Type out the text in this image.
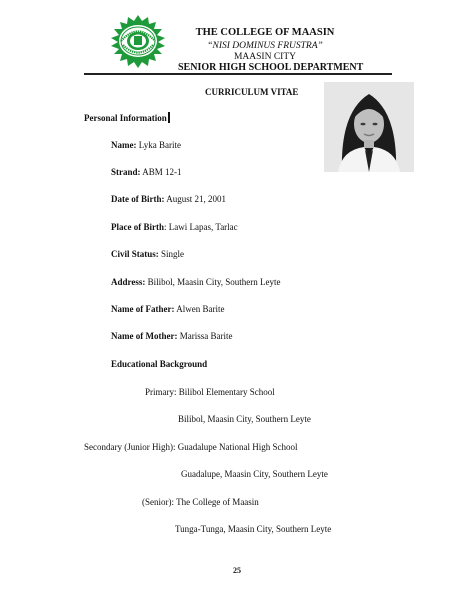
THE COLLEGE OF MAASIN
“NISI DOMINUS FRUSTRA”
MAASIN CITY
SENIOR HIGH SCHOOL DEPARTMENT
CURRICULUM VITAE
Personal Information
Name: Lyka Barite
Strand: ABM 12-1
Date of Birth: August 21, 2001
Place of Birth: Lawi Lapas, Tarlac
Civil Status: Single
Address: Bilibol, Maasin City, Southern Leyte
Name of Father: Alwen Barite
Name of Mother: Marissa Barite
Educational Background
Primary: Bilibol Elementary School
Bilibol, Maasin City, Southern Leyte
Secondary (Junior High): Guadalupe National High School
Guadalupe, Maasin City, Southern Leyte
(Senior): The College of Maasin
Tunga-Tunga, Maasin City, Southern Leyte
25
